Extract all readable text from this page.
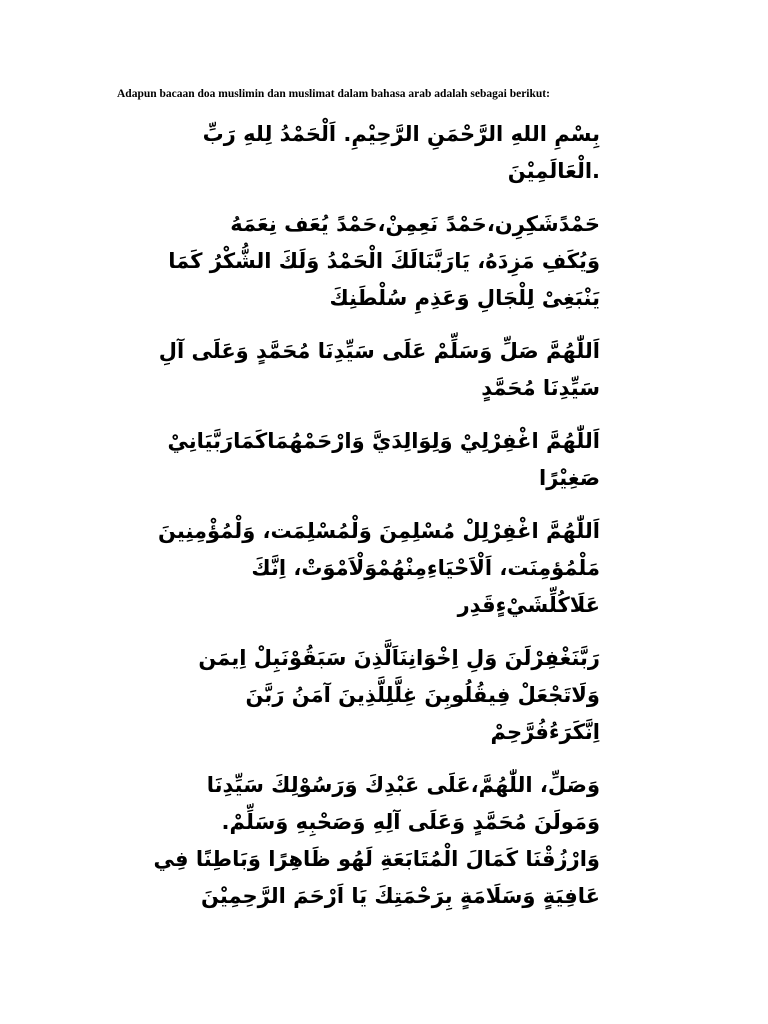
Adapun bacaan doa muslimin dan muslimat dalam bahasa arab adalah sebagai berikut:

بِسْمِ اللهِ الرَّحْمَنِ الرَّحِيْمِ. اَلْحَمْدُ لِلهِ رَبِّ
.الْعَالَمِيْنَ

حَمْدًشَكِرِن،حَمْدً نَعِمِنْ،حَمْدً يُعَف نِعَمَهُ
وَيُكَفِ مَزِدَهُ، يَارَبَّنَالَكَ الْحَمْدُ وَلَكَ الشُّكْرُ كَمَا
يَنْبَغِىْ لِلْجَالِ وَعَذِمِ سُلْطَنِكَ

اَللّٰهُمَّ صَلِّ وَسَلِّمْ عَلَى سَيِّدِنَا مُحَمَّدٍ وَعَلَى آلِ
سَيِّدِنَا مُحَمَّدٍ

اَللّٰهُمَّ اغْفِرْلِيْ وَلِوَالِدَيَّ وَارْحَمْهُمَاكَمَارَبَّيَانِيْ
صَغِيْرًا

اَللّٰهُمَّ اغْفِرْلِلْ مُسْلِمِنَ وَلْمُسْلِمَت، وَلْمُؤْمِنِينَ
مَلْمُؤمِنَت، اَلْاَحْيَاءِمِنْهُمْوَلْاَمْوَتْ، اِنَّكَ
عَلَاكُلِّشَيْءٍقَدِر

رَبَّنَغْفِرْلَنَ وَلِ اِخْوَانِنَاَلَّذِنَ سَبَقُوْنَبِلْ اِيمَن
وَلَاتَجْعَلْ فِيقُلُوبِنَ غِلَّلِلَّذِينَ آمَنُ رَبَّنَ
اِنَّكَرَءُفُرَّحِمْ

وَصَلِّ، اللّٰهُمَّ،عَلَى عَبْدِكَ وَرَسُوْلِكَ سَيِّدِنَا
وَمَولَنَ مُحَمَّدٍ وَعَلَى آلِهِ وَصَحْبِهِ وَسَلِّمْ.
وَارْزُقْنَا كَمَالَ الْمُتَابَعَةِ لَهُو ظَاهِرًا وَبَاطِنًا فِي
عَافِيَةٍ وَسَلَامَةٍ بِرَحْمَتِكَ يَا اَرْحَمَ الرَّحِمِيْنَ
